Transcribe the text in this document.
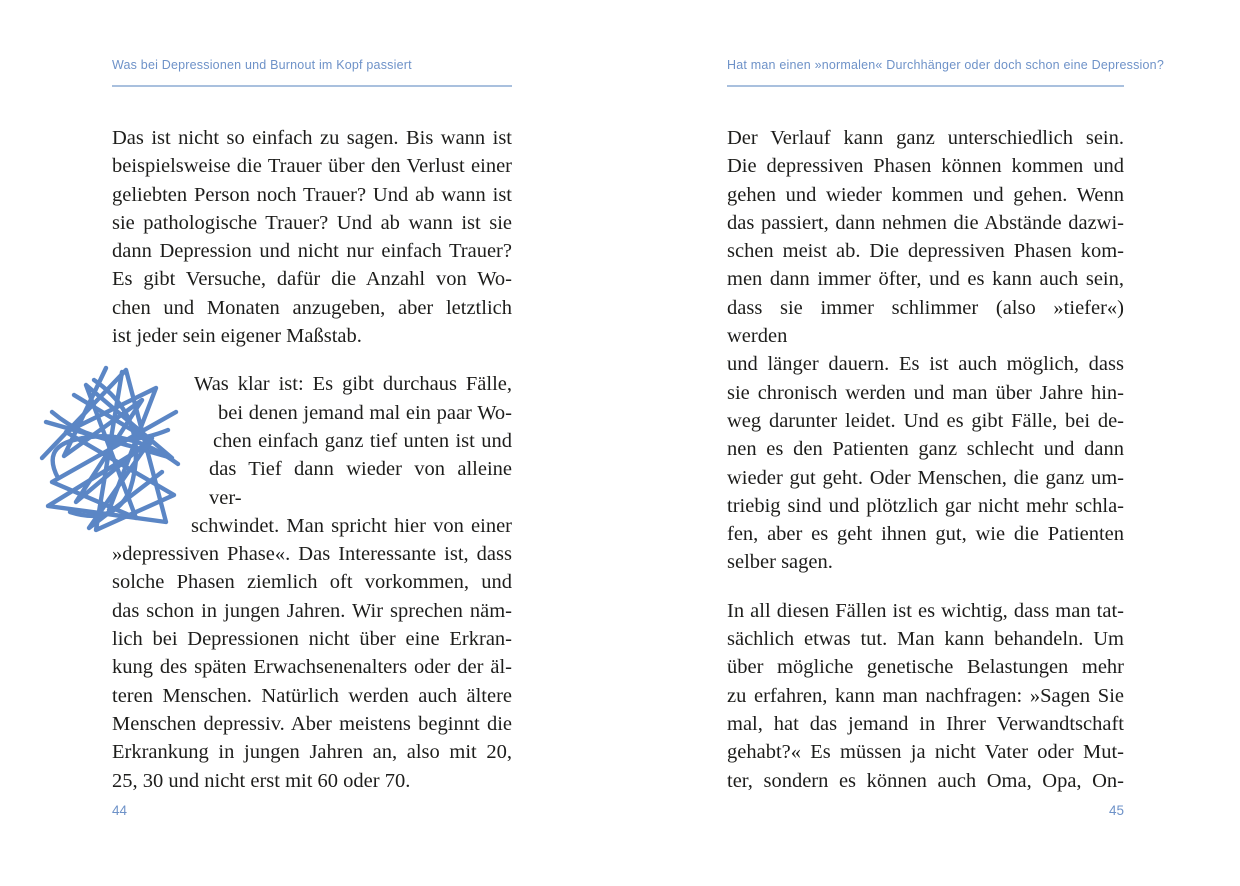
Was bei Depressionen und Burnout im Kopf passiert
Das ist nicht so einfach zu sagen. Bis wann ist
beispielsweise die Trauer über den Verlust einer
geliebten Person noch Trauer? Und ab wann ist
sie pathologische Trauer? Und ab wann ist sie
dann Depression und nicht nur einfach Trauer?
Es gibt Versuche, dafür die Anzahl von Wo-
chen und Monaten anzugeben, aber letztlich
ist jeder sein eigener Maßstab.
Was klar ist: Es gibt durchaus Fälle,
bei denen jemand mal ein paar Wo-
chen einfach ganz tief unten ist und
das Tief dann wieder von alleine ver-
schwindet. Man spricht hier von einer
»depressiven Phase«. Das Interessante ist, dass
solche Phasen ziemlich oft vorkommen, und
das schon in jungen Jahren. Wir sprechen näm-
lich bei Depressionen nicht über eine Erkran-
kung des späten Erwachsenenalters oder der äl-
teren Menschen. Natürlich werden auch ältere
Menschen depressiv. Aber meistens beginnt die
Erkrankung in jungen Jahren an, also mit 20,
25, 30 und nicht erst mit 60 oder 70.
44
Hat man einen »normalen« Durchhänger oder doch schon eine Depression?
Der Verlauf kann ganz unterschiedlich sein.
Die depressiven Phasen können kommen und
gehen und wieder kommen und gehen. Wenn
das passiert, dann nehmen die Abstände dazwi-
schen meist ab. Die depressiven Phasen kom-
men dann immer öfter, und es kann auch sein,
dass sie immer schlimmer (also »tiefer«) werden
und länger dauern. Es ist auch möglich, dass
sie chronisch werden und man über Jahre hin-
weg darunter leidet. Und es gibt Fälle, bei de-
nen es den Patienten ganz schlecht und dann
wieder gut geht. Oder Menschen, die ganz um-
triebig sind und plötzlich gar nicht mehr schla-
fen, aber es geht ihnen gut, wie die Patienten
selber sagen.
In all diesen Fällen ist es wichtig, dass man tat-
sächlich etwas tut. Man kann behandeln. Um
über mögliche genetische Belastungen mehr
zu erfahren, kann man nachfragen: »Sagen Sie
mal, hat das jemand in Ihrer Verwandtschaft
gehabt?« Es müssen ja nicht Vater oder Mut-
ter, sondern es können auch Oma, Opa, On-
45
